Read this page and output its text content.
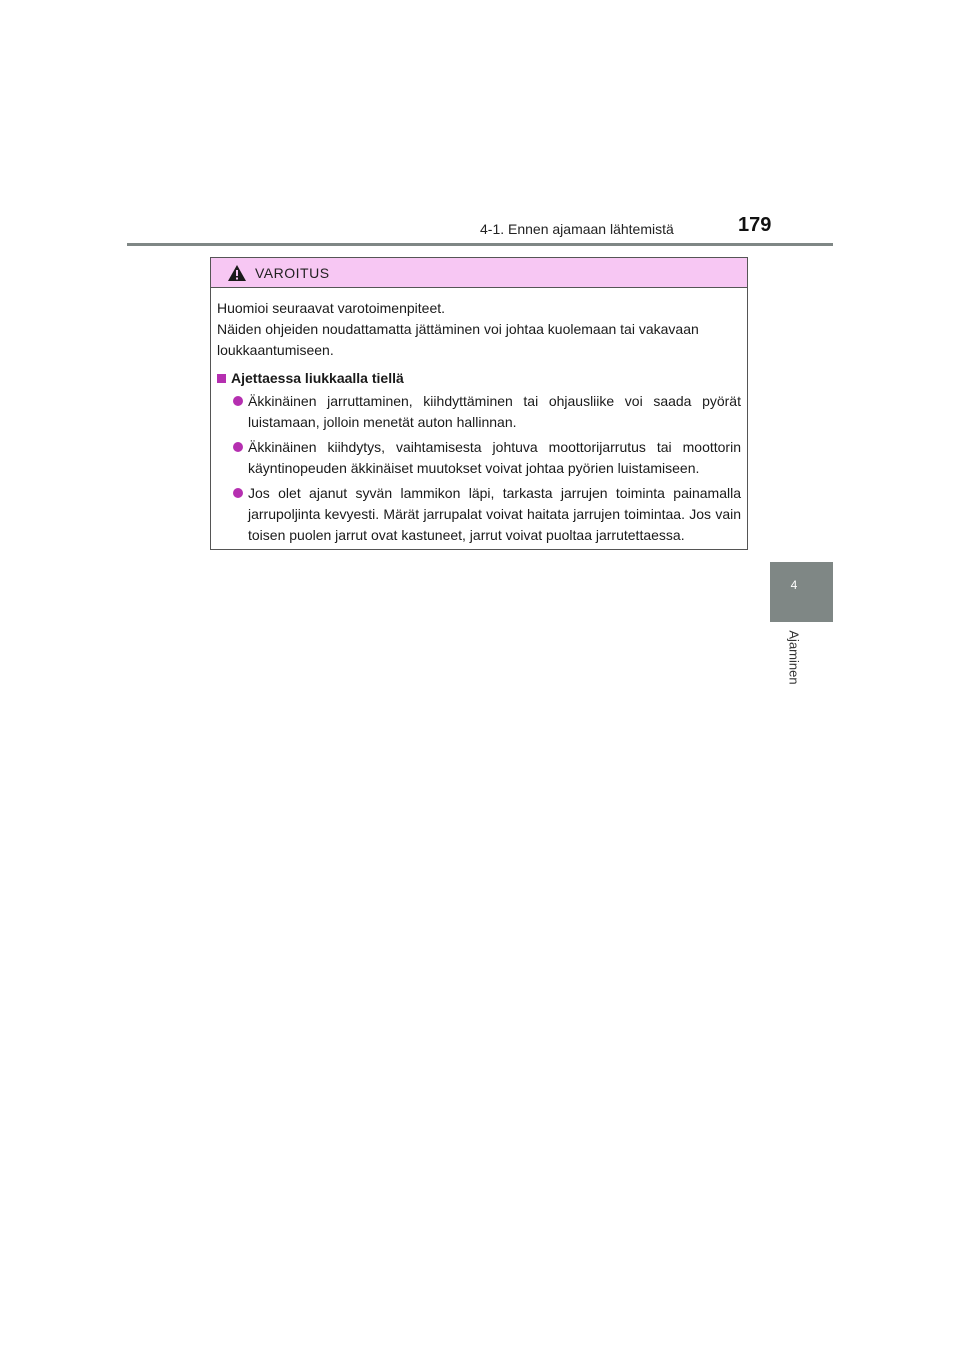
4-1. Ennen ajamaan lähtemistä	179
4
Ajaminen
VAROITUS

Huomioi seuraavat varotoimenpiteet.

Näiden ohjeiden noudattamatta jättäminen voi johtaa kuolemaan tai vakavaan loukkaantumiseen.

Ajettaessa liukkaalla tiellä
Äkkinäinen jarruttaminen, kiihdyttäminen tai ohjausliike voi saada pyörät luistamaan, jolloin menetät auton hallinnan.
Äkkinäinen kiihdytys, vaihtamisesta johtuva moottorijarrutus tai moottorin käyntinopeuden äkkinäiset muutokset voivat johtaa pyörien luistamiseen.
Jos olet ajanut syvän lammikon läpi, tarkasta jarrujen toiminta painamalla jarrupoljinta kevyesti. Märät jarrupalat voivat haitata jarrujen toimintaa. Jos vain toisen puolen jarrut ovat kastuneet, jarrut voivat puoltaa jarrutettaessa.
